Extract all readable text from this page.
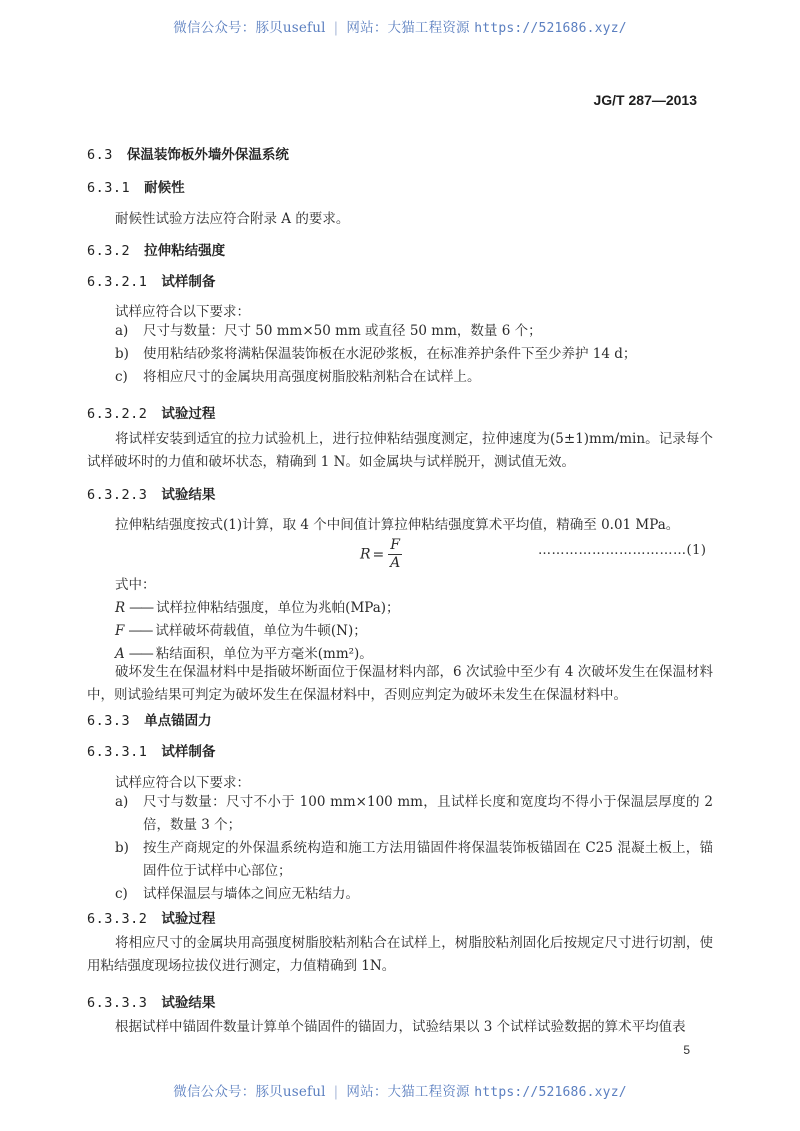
微信公众号：豚贝useful | 网站：大猫工程资源 https://521686.xyz/
JG/T 287—2013
6.3 保温装饰板外墙外保温系统
6.3.1 耐候性
耐候性试验方法应符合附录 A 的要求。
6.3.2 拉伸粘结强度
6.3.2.1 试样制备
试样应符合以下要求：
a) 尺寸与数量：尺寸 50 mm×50 mm 或直径 50 mm，数量 6 个；
b) 使用粘结砂浆将满粘保温装饰板在水泥砂浆板，在标准养护条件下至少养护 14 d；
c) 将相应尺寸的金属块用高强度树脂胶粘剂粘合在试样上。
6.3.2.2 试验过程
将试样安装到适宜的拉力试验机上，进行拉伸粘结强度测定，拉伸速度为(5±1)mm/min。记录每个试样破坏时的力值和破坏状态，精确到 1 N。如金属块与试样脱开，测试值无效。
6.3.2.3 试验结果
拉伸粘结强度按式(1)计算，取 4 个中间值计算拉伸粘结强度算术平均值，精确至 0.01 MPa。
$R = \frac{F}{A}$	……………………………(1)
式中：
R —— 试样拉伸粘结强度，单位为兆帕(MPa)；
F —— 试样破坏荷载值，单位为牛顿(N)；
A —— 粘结面积，单位为平方毫米(mm²)。
破坏发生在保温材料中是指破坏断面位于保温材料内部，6 次试验中至少有 4 次破坏发生在保温材料中，则试验结果可判定为破坏发生在保温材料中，否则应判定为破坏未发生在保温材料中。
6.3.3 单点锚固力
6.3.3.1 试样制备
试样应符合以下要求：
a) 尺寸与数量：尺寸不小于 100 mm×100 mm，且试样长度和宽度均不得小于保温层厚度的 2 倍，数量 3 个；
b) 按生产商规定的外保温系统构造和施工方法用锚固件将保温装饰板锚固在 C25 混凝土板上，锚固件位于试样中心部位；
c) 试样保温层与墙体之间应无粘结力。
6.3.3.2 试验过程
将相应尺寸的金属块用高强度树脂胶粘剂粘合在试样上，树脂胶粘剂固化后按规定尺寸进行切割，使用粘结强度现场拉拔仪进行测定，力值精确到 1N。
6.3.3.3 试验结果
根据试样中锚固件数量计算单个锚固件的锚固力，试验结果以 3 个试样试验数据的算术平均值表
5
微信公众号：豚贝useful | 网站：大猫工程资源 https://521686.xyz/
